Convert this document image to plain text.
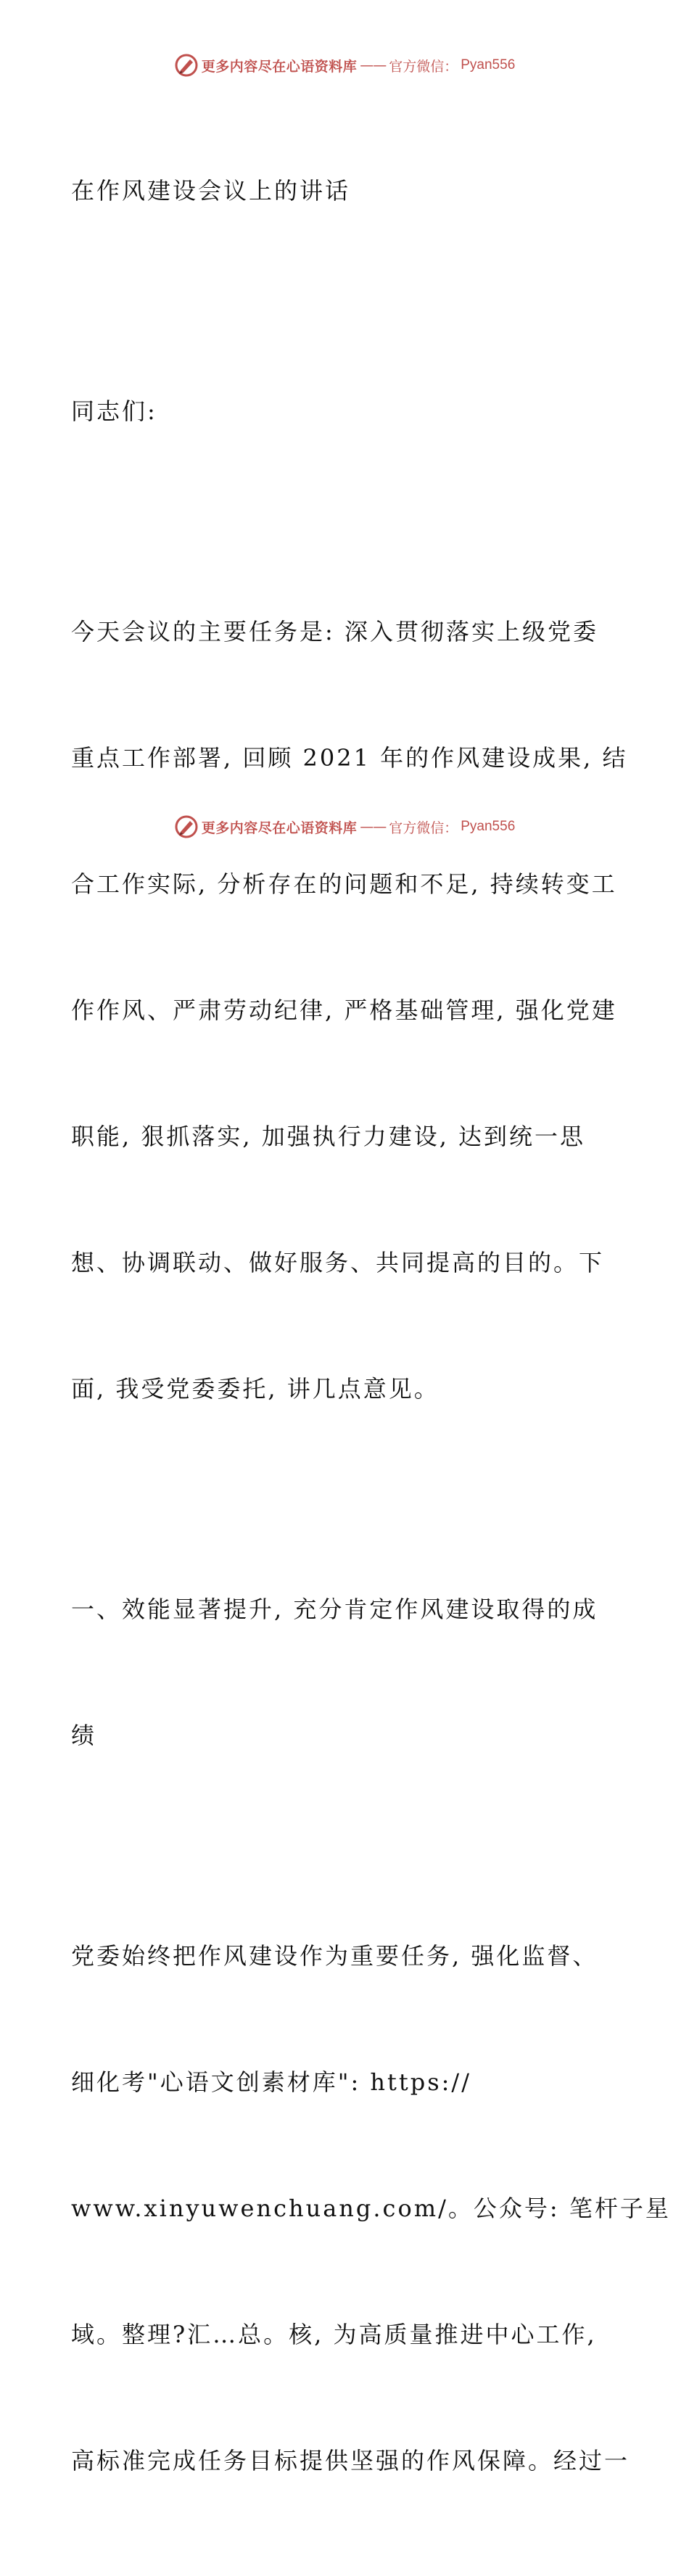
更多内容尽在心语资料库 —— 官方微信： Pyan556

在作风建设会议上的讲话

同志们:

今天会议的主要任务是: 深入贯彻落实上级党委

重点工作部署, 回顾 2021 年的作风建设成果, 结

合工作实际, 分析存在的问题和不足, 持续转变工

作作风、严肃劳动纪律, 严格基础管理, 强化党建

职能, 狠抓落实, 加强执行力建设, 达到统一思

想、协调联动、做好服务、共同提高的目的。下

面, 我受党委委托, 讲几点意见。

一、效能显著提升, 充分肯定作风建设取得的成

绩

党委始终把作风建设作为重要任务, 强化监督、

细化考"心语文创素材库": https://

www.xinyuwenchuang.com/。公众号: 笔杆子星

域。整理?汇…总。核, 为高质量推进中心工作,

高标准完成任务目标提供坚强的作风保障。经过一

更多内容尽在心语资料库 —— 官方微信： Pyan556
